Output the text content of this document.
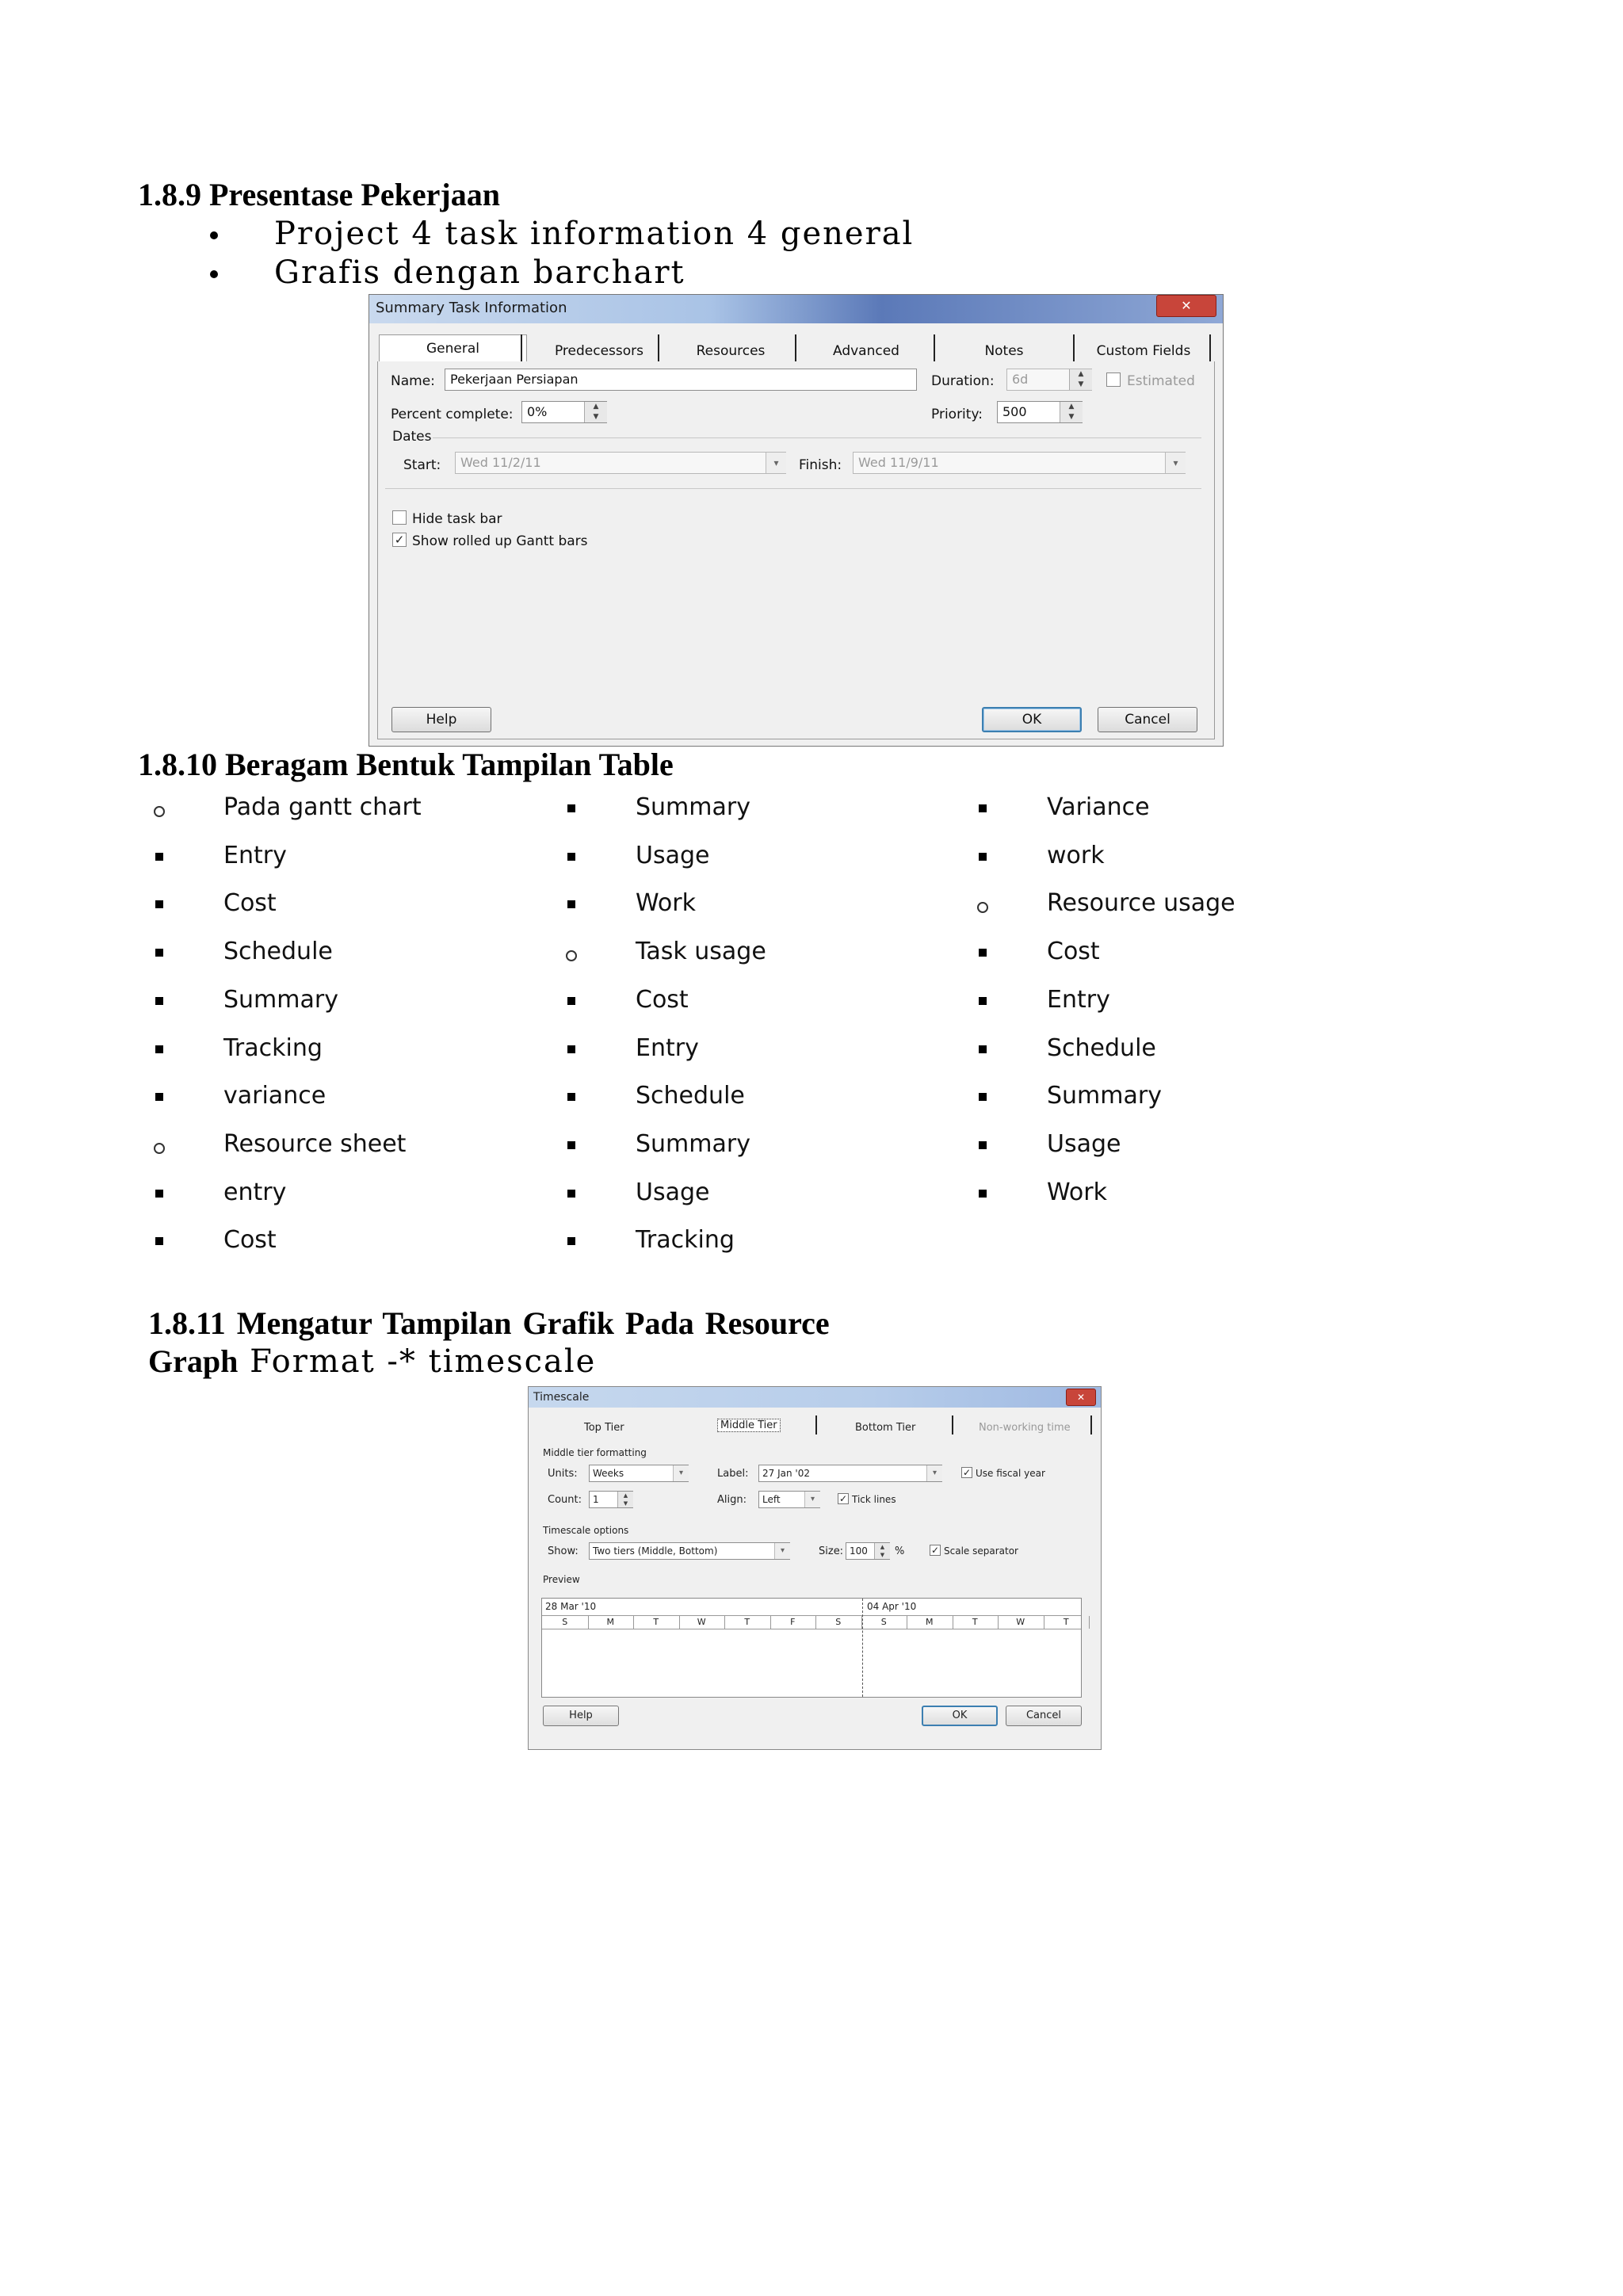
1.8.9 Presentase Pekerjaan
Project 4 task information 4 general
Grafis dengan barchart
Summary Task Information	✕
General	Predecessors	Resources	Advanced	Notes	Custom Fields
Name:	Pekerjaan Persiapan	Duration:	6d	▲
▼	Estimated
Percent complete:	0%	▲
▼	Priority:	500	▲
▼
Dates
Start:	Wed 11/2/11	▾	Finish:	Wed 11/9/11	▾
Hide task bar
✓ Show rolled up Gantt bars
Help	OK	Cancel
1.8.10 Beragam Bentuk Tampilan Table
Pada gantt chart
Entry
Cost
Schedule
Summary
Tracking
variance
Resource sheet
entry
Cost
Summary
Usage
Work
Task usage
Cost
Entry
Schedule
Summary
Usage
Tracking
Variance
work
Resource usage
Cost
Entry
Schedule
Summary
Usage
Work
1.8.11 Mengatur Tampilan Grafik Pada Resource
Graph Format -* timescale
Timescale	✕
Top Tier	Middle Tier	Bottom Tier	Non-working time
Middle tier formatting
Units:	Weeks	▾	Label:	27 Jan '02	▾	✓ Use fiscal year
Count:	1	▲
▼	Align:	Left	▾	✓ Tick lines
Timescale options
Show:	Two tiers (Middle, Bottom)	▾	Size: 100	▲
▼ %	✓ Scale separator
Preview
28 Mar '10	04 Apr '10
S	M	T	W	T	F	S	S	M	T	W	T
Help	OK	Cancel
